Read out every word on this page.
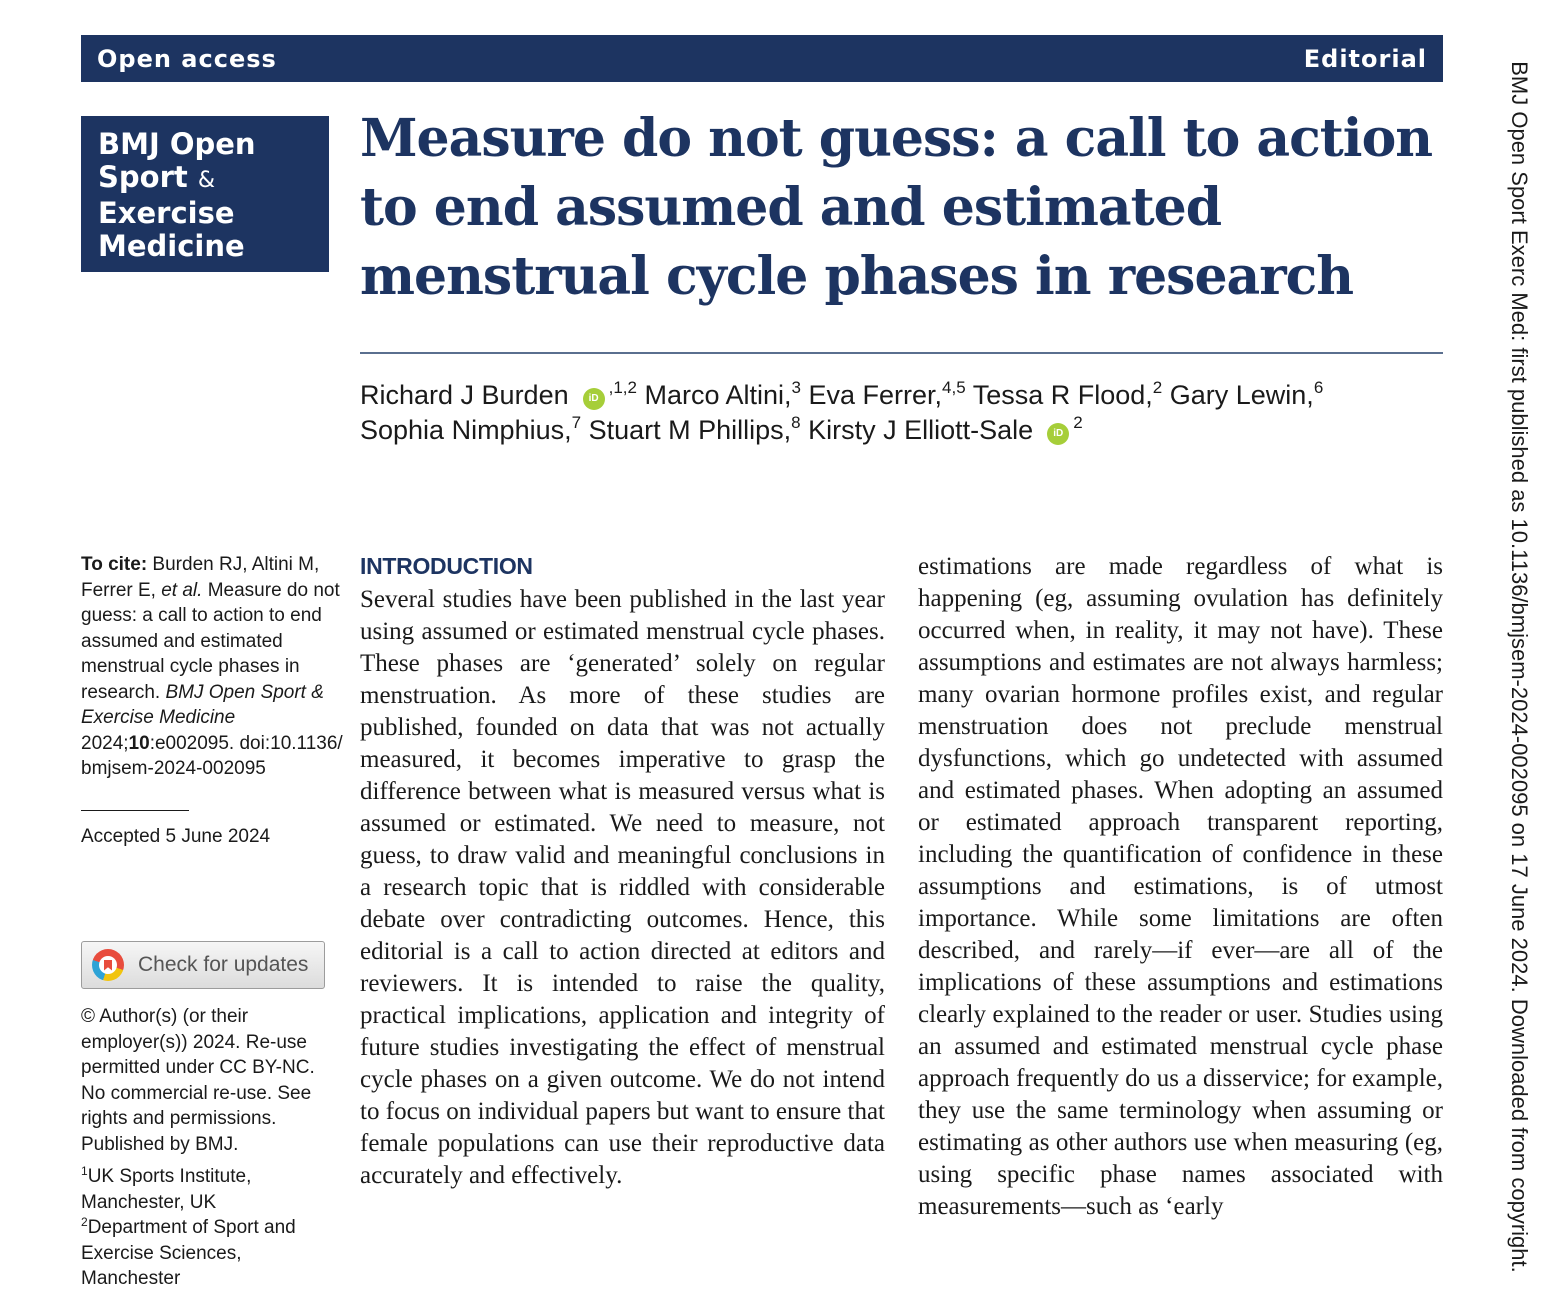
Open access	Editorial
BMJ Open
Sport &
Exercise
Medicine
Measure do not guess: a call to action to end assumed and estimated menstrual cycle phases in research
Richard J Burden $iD^{,1,2}$ Marco Altini,$^3$ Eva Ferrer,$^{4,5}$ Tessa R Flood,$^2$ Gary Lewin,$^6$
Sophia Nimphius,$^7$ Stuart M Phillips,$^8$ Kirsty J Elliott-Sale $iD^2$
To cite: Burden RJ, Altini M, Ferrer E, et al. Measure do not guess: a call to action to end assumed and estimated menstrual cycle phases in research. BMJ Open Sport & Exercise Medicine 2024;10:e002095. doi:10.1136/ bmjsem-2024-002095
Accepted 5 June 2024
Check for updates

© Author(s) (or their employer(s)) 2024. Re-use permitted under CC BY-NC. No commercial re-use. See rights and permissions. Published by BMJ.

$^1$UK Sports Institute, Manchester, UK
$^2$Department of Sport and Exercise Sciences, Manchester
INTRODUCTION

Several studies have been published in the last year using assumed or estimated menstrual cycle phases. These phases are ‘generated’ solely on regular menstruation. As more of these studies are published, founded on data that was not actually measured, it becomes imperative to grasp the difference between what is measured versus what is assumed or estimated. We need to measure, not guess, to draw valid and meaningful conclusions in a research topic that is riddled with considerable debate over contradicting outcomes. Hence, this editorial is a call to action directed at editors and reviewers. It is intended to raise the quality, practical implications, application and integrity of future studies investigating the effect of menstrual cycle phases on a given outcome. We do not intend to focus on individual papers but want to ensure that female populations can use their reproductive data accurately and effectively.

estimations are made regardless of what is happening (eg, assuming ovulation has definitely occurred when, in reality, it may not have). These assumptions and estimates are not always harmless; many ovarian hormone profiles exist, and regular menstruation does not preclude menstrual dysfunctions, which go undetected with assumed and estimated phases. When adopting an assumed or estimated approach transparent reporting, including the quantification of confidence in these assumptions and estimations, is of utmost importance. While some limitations are often described, and rarely—if ever—are all of the implications of these assumptions and estimations clearly explained to the reader or user. Studies using an assumed and estimated menstrual cycle phase approach frequently do us a disservice; for example, they use the same terminology when assuming or estimating as other authors use when measuring (eg, using specific phase names associated with measurements—such as ‘early	BMJ Open Sport Exerc Med: first published as 10.1136/bmjsem-2024-002095 on 17 June 2024. Downloaded from copyright.
